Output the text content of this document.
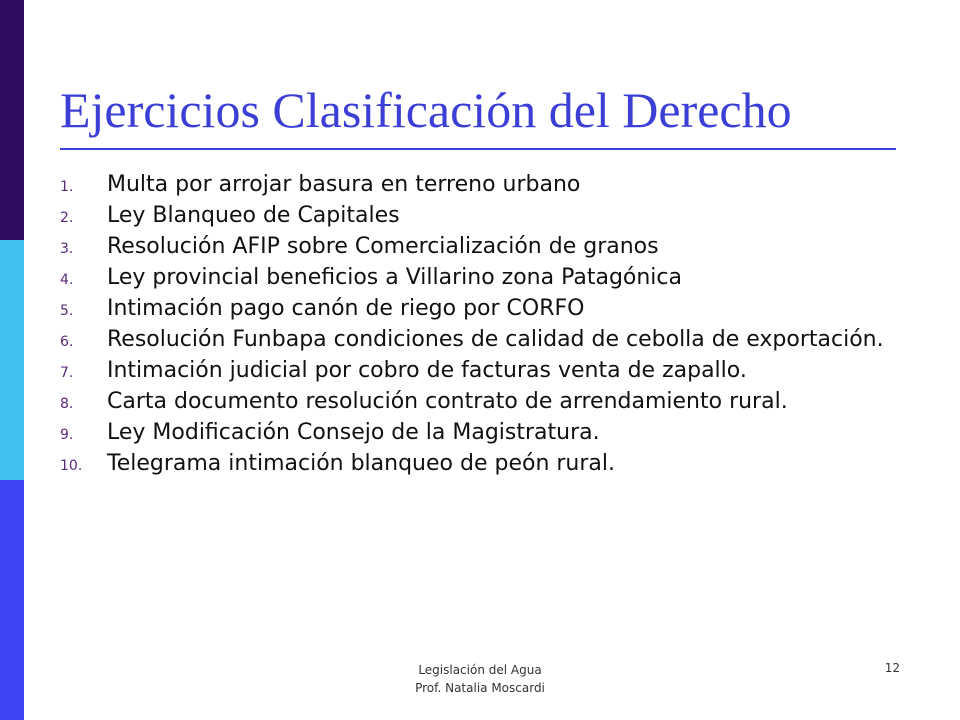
Ejercicios Clasificación del Derecho
1.	Multa por arrojar basura en terreno urbano
2.	Ley Blanqueo de Capitales
3.	Resolución AFIP sobre Comercialización de granos
4.	Ley provincial beneficios a Villarino zona Patagónica
5.	Intimación pago canón de riego por CORFO
6.	Resolución Funbapa condiciones de calidad de cebolla de exportación.
7.	Intimación judicial por cobro de facturas venta de zapallo.
8.	Carta documento resolución contrato de arrendamiento rural.
9.	Ley Modificación Consejo de la Magistratura.
10.	Telegrama intimación blanqueo de peón rural.
Legislación del Agua
Prof. Natalia Moscardi
12
